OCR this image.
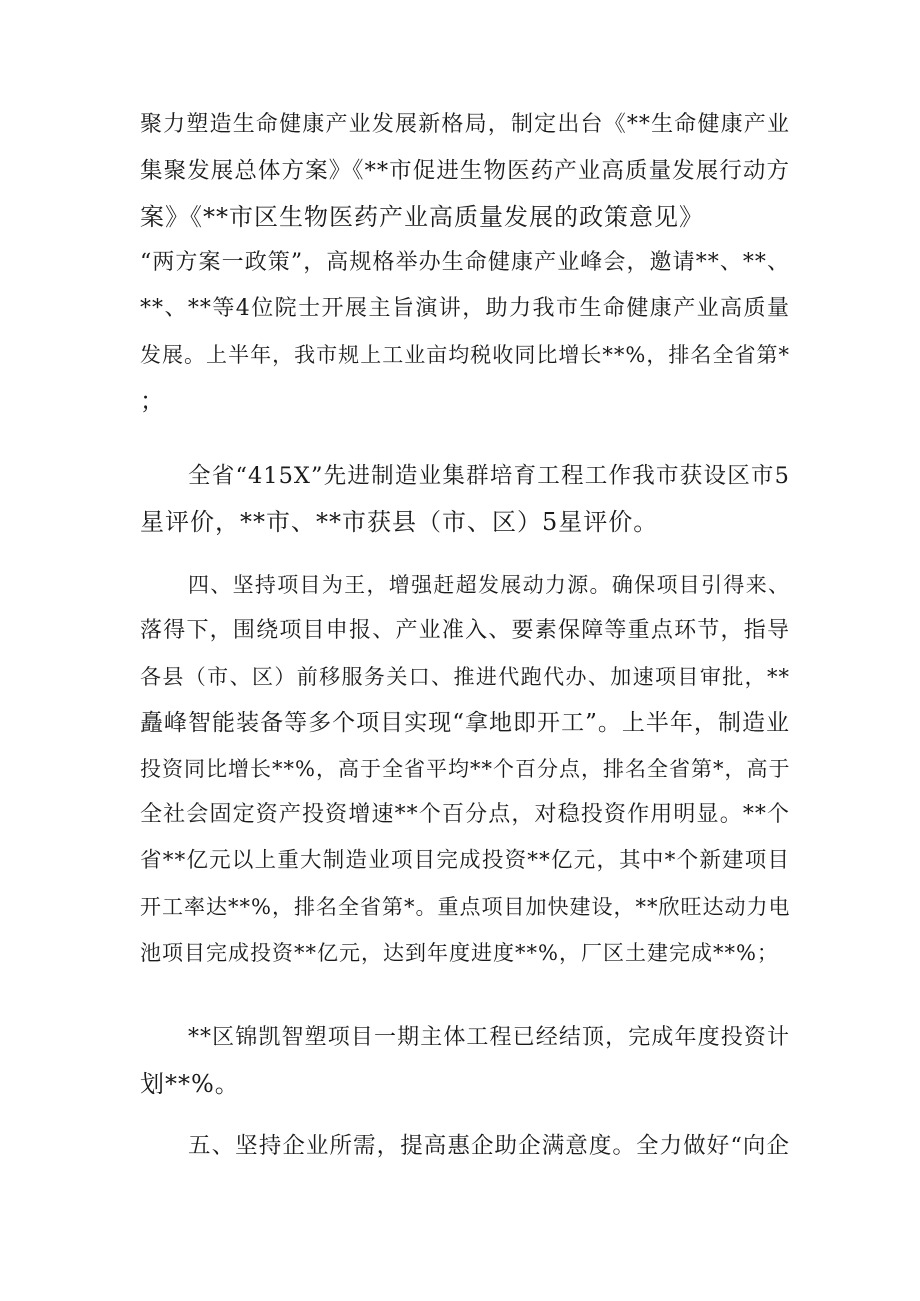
聚力塑造生命健康产业发展新格局，制定出台《**生命健康产业
集聚发展总体方案》《**市促进生物医药产业高质量发展行动方
案》《**市区生物医药产业高质量发展的政策意见》
“两方案一政策”，高规格举办生命健康产业峰会，邀请**、**、
**、**等4位院士开展主旨演讲，助力我市生命健康产业高质量
发展。上半年，我市规上工业亩均税收同比增长**%，排名全省第*
；
全省“415X”先进制造业集群培育工程工作我市获设区市5
星评价，**市、**市获县（市、区）5星评价。
四、坚持项目为王，增强赶超发展动力源。确保项目引得来、
落得下，围绕项目申报、产业准入、要素保障等重点环节，指导
各县（市、区）前移服务关口、推进代跑代办、加速项目审批，**
矗峰智能装备等多个项目实现“拿地即开工”。上半年，制造业
投资同比增长**%，高于全省平均**个百分点，排名全省第*，高于
全社会固定资产投资增速**个百分点，对稳投资作用明显。**个
省**亿元以上重大制造业项目完成投资**亿元，其中*个新建项目
开工率达**%，排名全省第*。重点项目加快建设，**欣旺达动力电
池项目完成投资**亿元，达到年度进度**%，厂区土建完成**%；
**区锦凯智塑项目一期主体工程已经结顶，完成年度投资计
划**%。
五、坚持企业所需，提高惠企助企满意度。全力做好“向企
